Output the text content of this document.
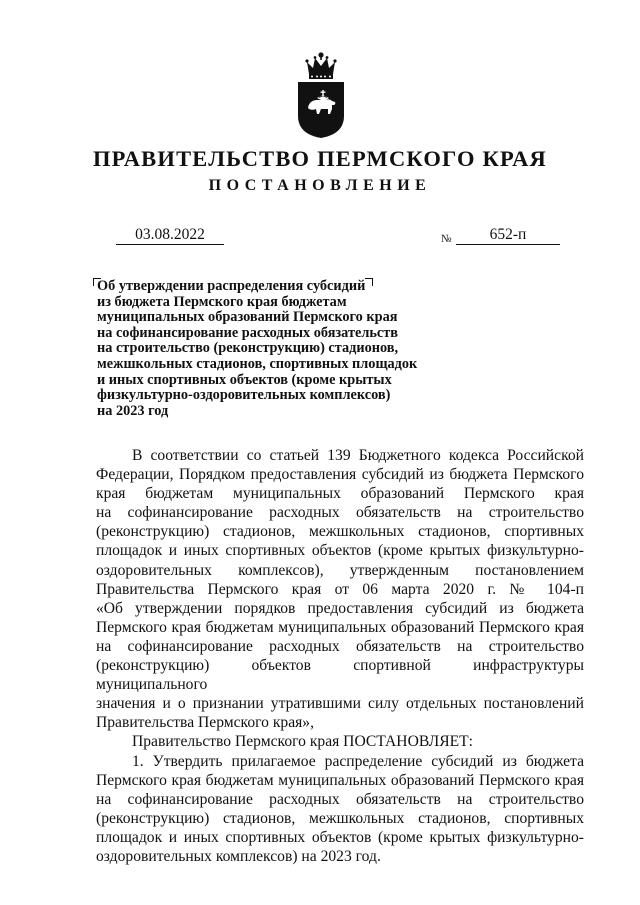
ПРАВИТЕЛЬСТВО ПЕРМСКОГО КРАЯ
ПОСТАНОВЛЕНИЕ
03.08.2022	№	652-п
Об утверждении распределения субсидий
из бюджета Пермского края бюджетам
муниципальных образований Пермского края
на софинансирование расходных обязательств
на строительство (реконструкцию) стадионов,
межшкольных стадионов, спортивных площадок
и иных спортивных объектов (кроме крытых
физкультурно-оздоровительных комплексов)
на 2023 год

В соответствии со статьей 139 Бюджетного кодекса Российской
Федерации, Порядком предоставления субсидий из бюджета Пермского
края бюджетам муниципальных образований Пермского края
на софинансирование расходных обязательств на строительство
(реконструкцию) стадионов, межшкольных стадионов, спортивных
площадок и иных спортивных объектов (кроме крытых физкультурно-
оздоровительных комплексов), утвержденным постановлением
Правительства Пермского края от 06 марта 2020 г. № 104-п
«Об утверждении порядков предоставления субсидий из бюджета
Пермского края бюджетам муниципальных образований Пермского края
на софинансирование расходных обязательств на строительство
(реконструкцию) объектов спортивной инфраструктуры муниципального
значения и о признании утратившими силу отдельных постановлений
Правительства Пермского края»,

Правительство Пермского края ПОСТАНОВЛЯЕТ:

1. Утвердить прилагаемое распределение субсидий из бюджета
Пермского края бюджетам муниципальных образований Пермского края
на софинансирование расходных обязательств на строительство
(реконструкцию) стадионов, межшкольных стадионов, спортивных
площадок и иных спортивных объектов (кроме крытых физкультурно-
оздоровительных комплексов) на 2023 год.
